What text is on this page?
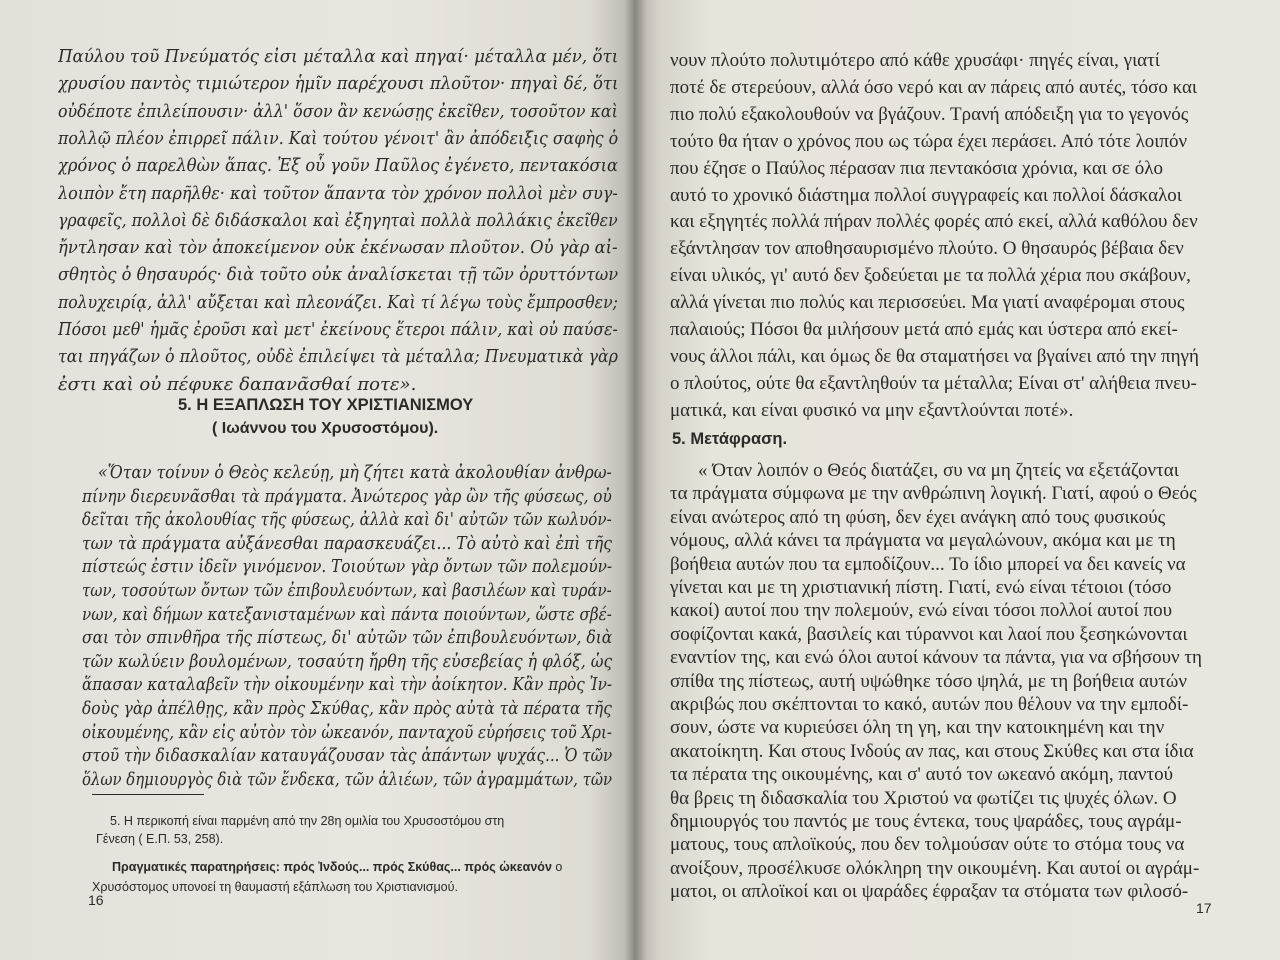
Παύλου τοῦ Πνεύματός εἰσι μέταλλα καὶ πηγαί· μέταλλα μέν, ὅτι
χρυσίου παντὸς τιμιώτερον ἡμῖν παρέχουσι πλοῦτον· πηγαὶ δέ, ὅτι
οὐδέποτε ἐπιλείπουσιν· ἀλλ' ὅσον ἂν κενώσῃς ἐκεῖθεν, τοσοῦτον καὶ
πολλῷ πλέον ἐπιρρεῖ πάλιν. Καὶ τούτου γένοιτ' ἂν ἀπόδειξις σαφὴς ὁ
χρόνος ὁ παρελθὼν ἅπας. Ἐξ οὗ γοῦν Παῦλος ἐγένετο, πεντακόσια
λοιπὸν ἔτη παρῆλθε· καὶ τοῦτον ἅπαντα τὸν χρόνον πολλοὶ μὲν συγ-
γραφεῖς, πολλοὶ δὲ διδάσκαλοι καὶ ἐξηγηταὶ πολλὰ πολλάκις ἐκεῖθεν
ἤντλησαν καὶ τὸν ἀποκείμενον οὐκ ἐκένωσαν πλοῦτον. Οὐ γὰρ αἰ-
σθητὸς ὁ θησαυρός· διὰ τοῦτο οὐκ ἀναλίσκεται τῇ τῶν ὀρυττόντων
πολυχειρίᾳ, ἀλλ' αὔξεται καὶ πλεονάζει. Καὶ τί λέγω τοὺς ἔμπροσθεν;
Πόσοι μεθ' ἡμᾶς ἐροῦσι καὶ μετ' ἐκείνους ἕτεροι πάλιν, καὶ οὐ παύσε-
ται πηγάζων ὁ πλοῦτος, οὐδὲ ἐπιλείψει τὰ μέταλλα; Πνευματικὰ γὰρ
ἐστι καὶ οὐ πέφυκε δαπανᾶσθαί ποτε».
5. Η ΕΞΑΠΛΩΣΗ ΤΟΥ ΧΡΙΣΤΙΑΝΙΣΜΟΥ
( Ιωάννου του Χρυσοστόμου).
«Ὅταν τοίνυν ὁ Θεὸς κελεύῃ, μὴ ζήτει κατὰ ἀκολουθίαν ἀνθρω-
πίνην διερευνᾶσθαι τὰ πράγματα. Ἀνώτερος γὰρ ὢν τῆς φύσεως, οὐ
δεῖται τῆς ἀκολουθίας τῆς φύσεως, ἀλλὰ καὶ δι' αὐτῶν τῶν κωλυόν-
των τὰ πράγματα αὐξάνεσθαι παρασκευάζει... Τὸ αὐτὸ καὶ ἐπὶ τῆς
πίστεώς ἐστιν ἰδεῖν γινόμενον. Τοιούτων γὰρ ὄντων τῶν πολεμούν-
των, τοσούτων ὄντων τῶν ἐπιβουλευόντων, καὶ βασιλέων καὶ τυράν-
νων, καὶ δήμων κατεξανισταμένων καὶ πάντα ποιούντων, ὥστε σβέ-
σαι τὸν σπινθῆρα τῆς πίστεως, δι' αὐτῶν τῶν ἐπιβουλευόντων, διὰ
τῶν κωλύειν βουλομένων, τοσαύτη ἤρθη τῆς εὐσεβείας ἡ φλόξ, ὡς
ἅπασαν καταλαβεῖν τὴν οἰκουμένην καὶ τὴν ἀοίκητον. Κἂν πρὸς Ἰν-
δοὺς γὰρ ἀπέλθῃς, κἂν πρὸς Σκύθας, κἂν πρὸς αὐτὰ τὰ πέρατα τῆς
οἰκουμένης, κἂν εἰς αὐτὸν τὸν ὠκεανόν, πανταχοῦ εὑρήσεις τοῦ Χρι-
στοῦ τὴν διδασκαλίαν καταυγάζουσαν τὰς ἁπάντων ψυχάς... Ὁ τῶν
ὅλων δημιουργὸς διὰ τῶν ἕνδεκα, τῶν ἁλιέων, τῶν ἀγραμμάτων, τῶν
5. Η περικοπή είναι παρμένη από την 28η ομιλία του Χρυσοστόμου στη
Γένεση ( Ε.Π. 53, 258).
Πραγματικές παρατηρήσεις: πρός Ἰνδούς... πρός Σκύθας... πρός ὠκεανόν ο
Χρυσόστομος υπονοεί τη θαυμαστή εξάπλωση του Χριστιανισμού.
16
νουν πλούτο πολυτιμότερο από κάθε χρυσάφι· πηγές είναι, γιατί
ποτέ δε στερεύουν, αλλά όσο νερό και αν πάρεις από αυτές, τόσο και
πιο πολύ εξακολουθούν να βγάζουν. Τρανή απόδειξη για το γεγονός
τούτο θα ήταν ο χρόνος που ως τώρα έχει περάσει. Από τότε λοιπόν
που έζησε ο Παύλος πέρασαν πια πεντακόσια χρόνια, και σε όλο
αυτό το χρονικό διάστημα πολλοί συγγραφείς και πολλοί δάσκαλοι
και εξηγητές πολλά πήραν πολλές φορές από εκεί, αλλά καθόλου δεν
εξάντλησαν τον αποθησαυρισμένο πλούτο. Ο θησαυρός βέβαια δεν
είναι υλικός, γι' αυτό δεν ξοδεύεται με τα πολλά χέρια που σκάβουν,
αλλά γίνεται πιο πολύς και περισσεύει. Μα γιατί αναφέρομαι στους
παλαιούς; Πόσοι θα μιλήσουν μετά από εμάς και ύστερα από εκεί-
νους άλλοι πάλι, και όμως δε θα σταματήσει να βγαίνει από την πηγή
ο πλούτος, ούτε θα εξαντληθούν τα μέταλλα; Είναι στ' αλήθεια πνευ-
ματικά, και είναι φυσικό να μην εξαντλούνται ποτέ».
5. Μετάφραση.
« Όταν λοιπόν ο Θεός διατάζει, συ να μη ζητείς να εξετάζονται
τα πράγματα σύμφωνα με την ανθρώπινη λογική. Γιατί, αφού ο Θεός
είναι ανώτερος από τη φύση, δεν έχει ανάγκη από τους φυσικούς
νόμους, αλλά κάνει τα πράγματα να μεγαλώνουν, ακόμα και με τη
βοήθεια αυτών που τα εμποδίζουν... Το ίδιο μπορεί να δει κανείς να
γίνεται και με τη χριστιανική πίστη. Γιατί, ενώ είναι τέτοιοι (τόσο
κακοί) αυτοί που την πολεμούν, ενώ είναι τόσοι πολλοί αυτοί που
σοφίζονται κακά, βασιλείς και τύραννοι και λαοί που ξεσηκώνονται
εναντίον της, και ενώ όλοι αυτοί κάνουν τα πάντα, για να σβήσουν τη
σπίθα της πίστεως, αυτή υψώθηκε τόσο ψηλά, με τη βοήθεια αυτών
ακριβώς που σκέπτονται το κακό, αυτών που θέλουν να την εμποδί-
σουν, ώστε να κυριεύσει όλη τη γη, και την κατοικημένη και την
ακατοίκητη. Και στους Ινδούς αν πας, και στους Σκύθες και στα ίδια
τα πέρατα της οικουμένης, και σ' αυτό τον ωκεανό ακόμη, παντού
θα βρεις τη διδασκαλία του Χριστού να φωτίζει τις ψυχές όλων. Ο
δημιουργός του παντός με τους έντεκα, τους ψαράδες, τους αγράμ-
ματους, τους απλοϊκούς, που δεν τολμούσαν ούτε το στόμα τους να
ανοίξουν, προσέλκυσε ολόκληρη την οικουμένη. Και αυτοί οι αγράμ-
ματοι, οι απλοϊκοί και οι ψαράδες έφραξαν τα στόματα των φιλοσό-
17
